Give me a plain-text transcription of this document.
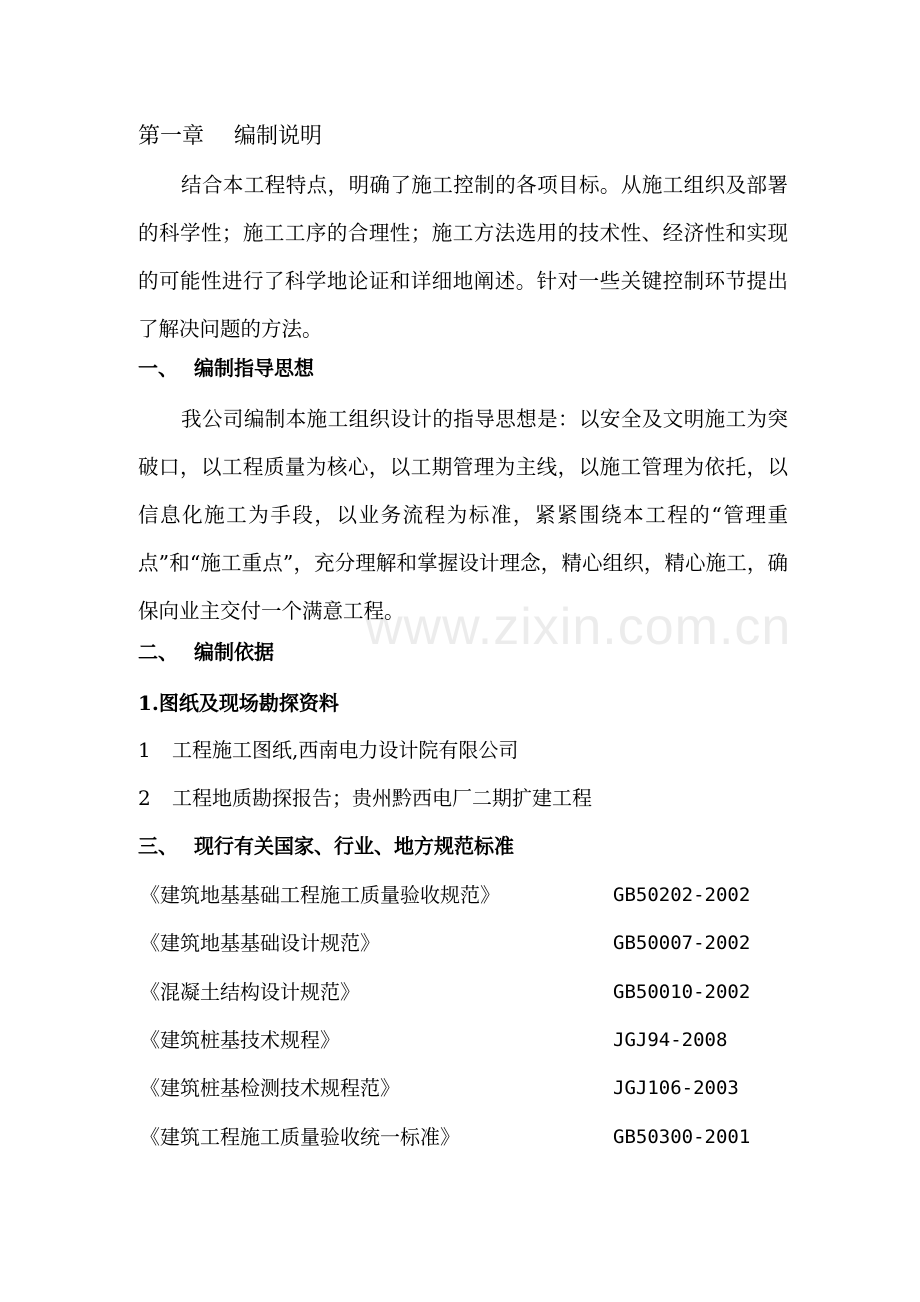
第一章 编制说明
结合本工程特点，明确了施工控制的各项目标。从施工组织及部署的科学性；施工工序的合理性；施工方法选用的技术性、经济性和实现的可能性进行了科学地论证和详细地阐述。针对一些关键控制环节提出了解决问题的方法。
一、 编制指导思想
我公司编制本施工组织设计的指导思想是：以安全及文明施工为突破口，以工程质量为核心，以工期管理为主线，以施工管理为依托，以信息化施工为手段，以业务流程为标准，紧紧围绕本工程的“管理重点”和“施工重点”，充分理解和掌握设计理念，精心组织，精心施工，确保向业主交付一个满意工程。
二、 编制依据
1.图纸及现场勘探资料
1 工程施工图纸,西南电力设计院有限公司
2 工程地质勘探报告；贵州黔西电厂二期扩建工程
三、 现行有关国家、行业、地方规范标准
《建筑地基基础工程施工质量验收规范》	GB50202-2002
《建筑地基基础设计规范》	GB50007-2002
《混凝土结构设计规范》	GB50010-2002
《建筑桩基技术规程》	JGJ94-2008
《建筑桩基检测技术规程范》	JGJ106-2003
《建筑工程施工质量验收统一标准》	GB50300-2001
www.zixin.com.cn
